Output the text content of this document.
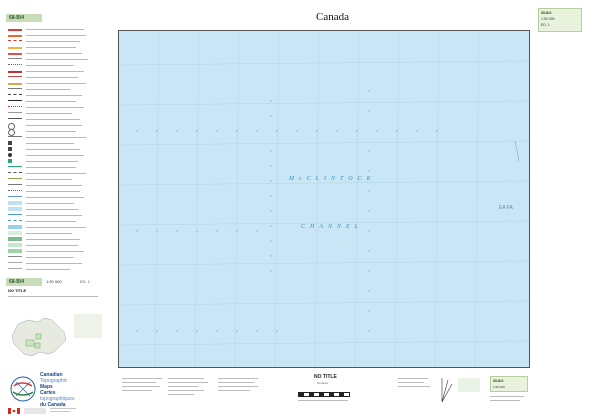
68-B/4
68-B/4	1:50 000	ED. 1
NO TITLE
Canadian
Topographic
Maps
Cartes
topographiques
du Canada
Canada	68-B/4
1:50 000
ED. 1
McCLINTOCK
CHANNEL
EA FA
NO TITLE
Nunavut	68-B/4
1:50 000
